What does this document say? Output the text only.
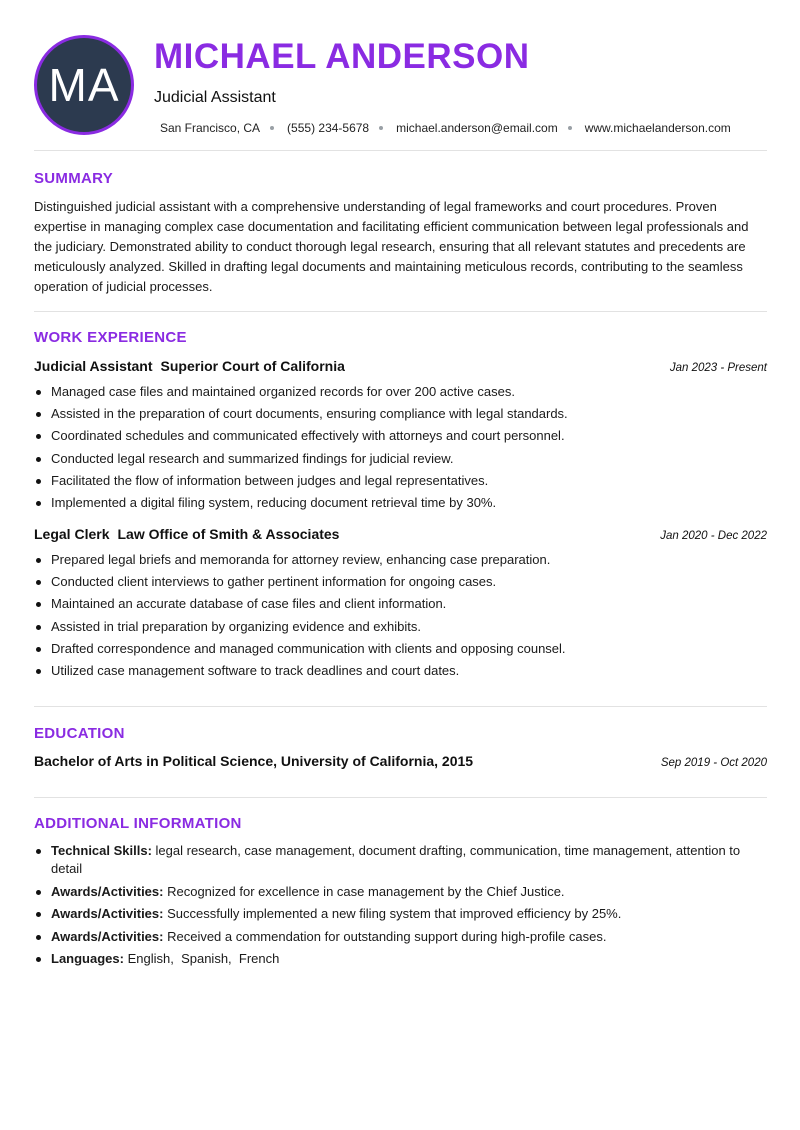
MA
MICHAEL ANDERSON
Judicial Assistant
San Francisco, CA (555) 234-5678 michael.anderson@email.com www.michaelanderson.com
SUMMARY
Distinguished judicial assistant with a comprehensive understanding of legal frameworks and court procedures. Proven expertise in managing complex case documentation and facilitating efficient communication between legal professionals and the judiciary. Demonstrated ability to conduct thorough legal research, ensuring that all relevant statutes and precedents are meticulously analyzed. Skilled in drafting legal documents and maintaining meticulous records, contributing to the seamless operation of judicial processes.
WORK EXPERIENCE
Judicial Assistant Superior Court of California	Jan 2023 - Present
Managed case files and maintained organized records for over 200 active cases.
Assisted in the preparation of court documents, ensuring compliance with legal standards.
Coordinated schedules and communicated effectively with attorneys and court personnel.
Conducted legal research and summarized findings for judicial review.
Facilitated the flow of information between judges and legal representatives.
Implemented a digital filing system, reducing document retrieval time by 30%.
Legal Clerk Law Office of Smith & Associates	Jan 2020 - Dec 2022
Prepared legal briefs and memoranda for attorney review, enhancing case preparation.
Conducted client interviews to gather pertinent information for ongoing cases.
Maintained an accurate database of case files and client information.
Assisted in trial preparation by organizing evidence and exhibits.
Drafted correspondence and managed communication with clients and opposing counsel.
Utilized case management software to track deadlines and court dates.
EDUCATION
Bachelor of Arts in Political Science, University of California, 2015	Sep 2019 - Oct 2020
ADDITIONAL INFORMATION
Technical Skills: legal research, case management, document drafting, communication, time management, attention to detail
Awards/Activities: Recognized for excellence in case management by the Chief Justice.
Awards/Activities: Successfully implemented a new filing system that improved efficiency by 25%.
Awards/Activities: Received a commendation for outstanding support during high-profile cases.
Languages: English,  Spanish,  French
